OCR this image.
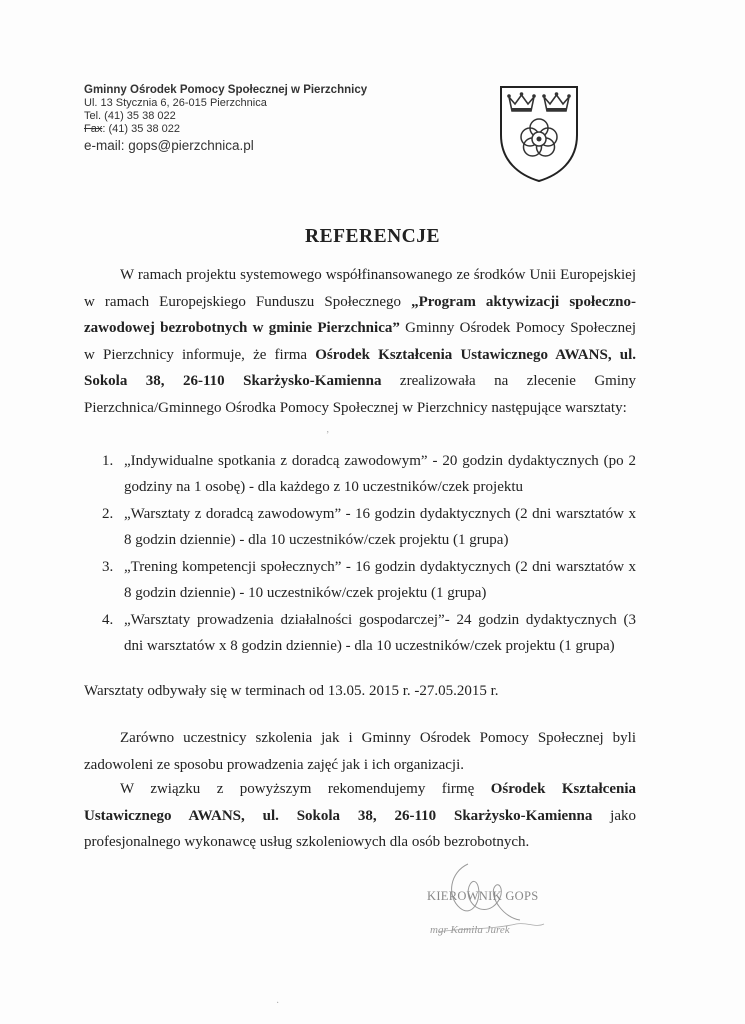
Gminny Ośrodek Pomocy Społecznej w Pierzchnicy
Ul. 13 Stycznia 6, 26-015 Pierzchnica
Tel. (41) 35 38 022
Fax: (41) 35 38 022
e-mail: gops@pierzchnica.pl
REFERENCJE

W ramach projektu systemowego współfinansowanego ze środków Unii Europejskiej w ramach Europejskiego Funduszu Społecznego „Program aktywizacji społeczno-zawodowej bezrobotnych w gminie Pierzchnica” Gminny Ośrodek Pomocy Społecznej w Pierzchnicy informuje, że firma Ośrodek Kształcenia Ustawicznego AWANS, ul. Sokola 38, 26-110 Skarżysko-Kamienna zrealizowała na zlecenie Gminy Pierzchnica/Gminnego Ośrodka Pomocy Społecznej w Pierzchnicy następujące warsztaty:

1. „Indywidualne spotkania z doradcą zawodowym” - 20 godzin dydaktycznych (po 2 godziny na 1 osobę) - dla każdego z 10 uczestników/czek projektu
2. „Warsztaty z doradcą zawodowym” - 16 godzin dydaktycznych (2 dni warsztatów x 8 godzin dziennie) - dla 10 uczestników/czek projektu (1 grupa)
3. „Trening kompetencji społecznych” - 16 godzin dydaktycznych (2 dni warsztatów x 8 godzin dziennie) - 10 uczestników/czek projektu (1 grupa)
4. „Warsztaty prowadzenia działalności gospodarczej”- 24 godzin dydaktycznych (3 dni warsztatów x 8 godzin dziennie) - dla 10 uczestników/czek projektu (1 grupa)

Warsztaty odbywały się w terminach od 13.05. 2015 r. -27.05.2015 r.

Zarówno uczestnicy szkolenia jak i Gminny Ośrodek Pomocy Społecznej byli zadowoleni ze sposobu prowadzenia zajęć jak i ich organizacji.

W związku z powyższym rekomendujemy firmę Ośrodek Kształcenia Ustawicznego AWANS, ul. Sokola 38, 26-110 Skarżysko-Kamienna jako profesjonalnego wykonawcę usług szkoleniowych dla osób bezrobotnych.

KIEROWNIK GOPS
mgr Kamila Jurek
ʼ
·
